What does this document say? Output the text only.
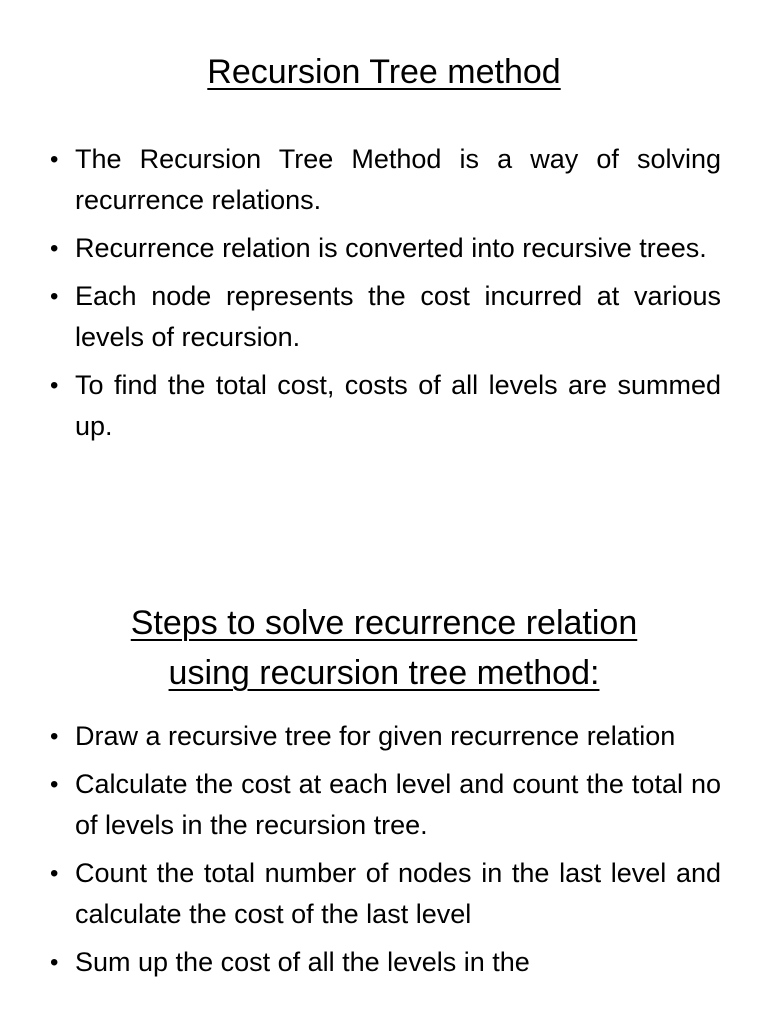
Recursion Tree method
• The Recursion Tree Method is a way of solving recurrence relations.
• Recurrence relation is converted into recursive trees.
• Each node represents the cost incurred at various levels of recursion.
• To find the total cost, costs of all levels are summed up.
Steps to solve recurrence relation
using recursion tree method:
• Draw a recursive tree for given recurrence relation
• Calculate the cost at each level and count the total no of levels in the recursion tree.
• Count the total number of nodes in the last level and calculate the cost of the last level
• Sum up the cost of all the levels in the
